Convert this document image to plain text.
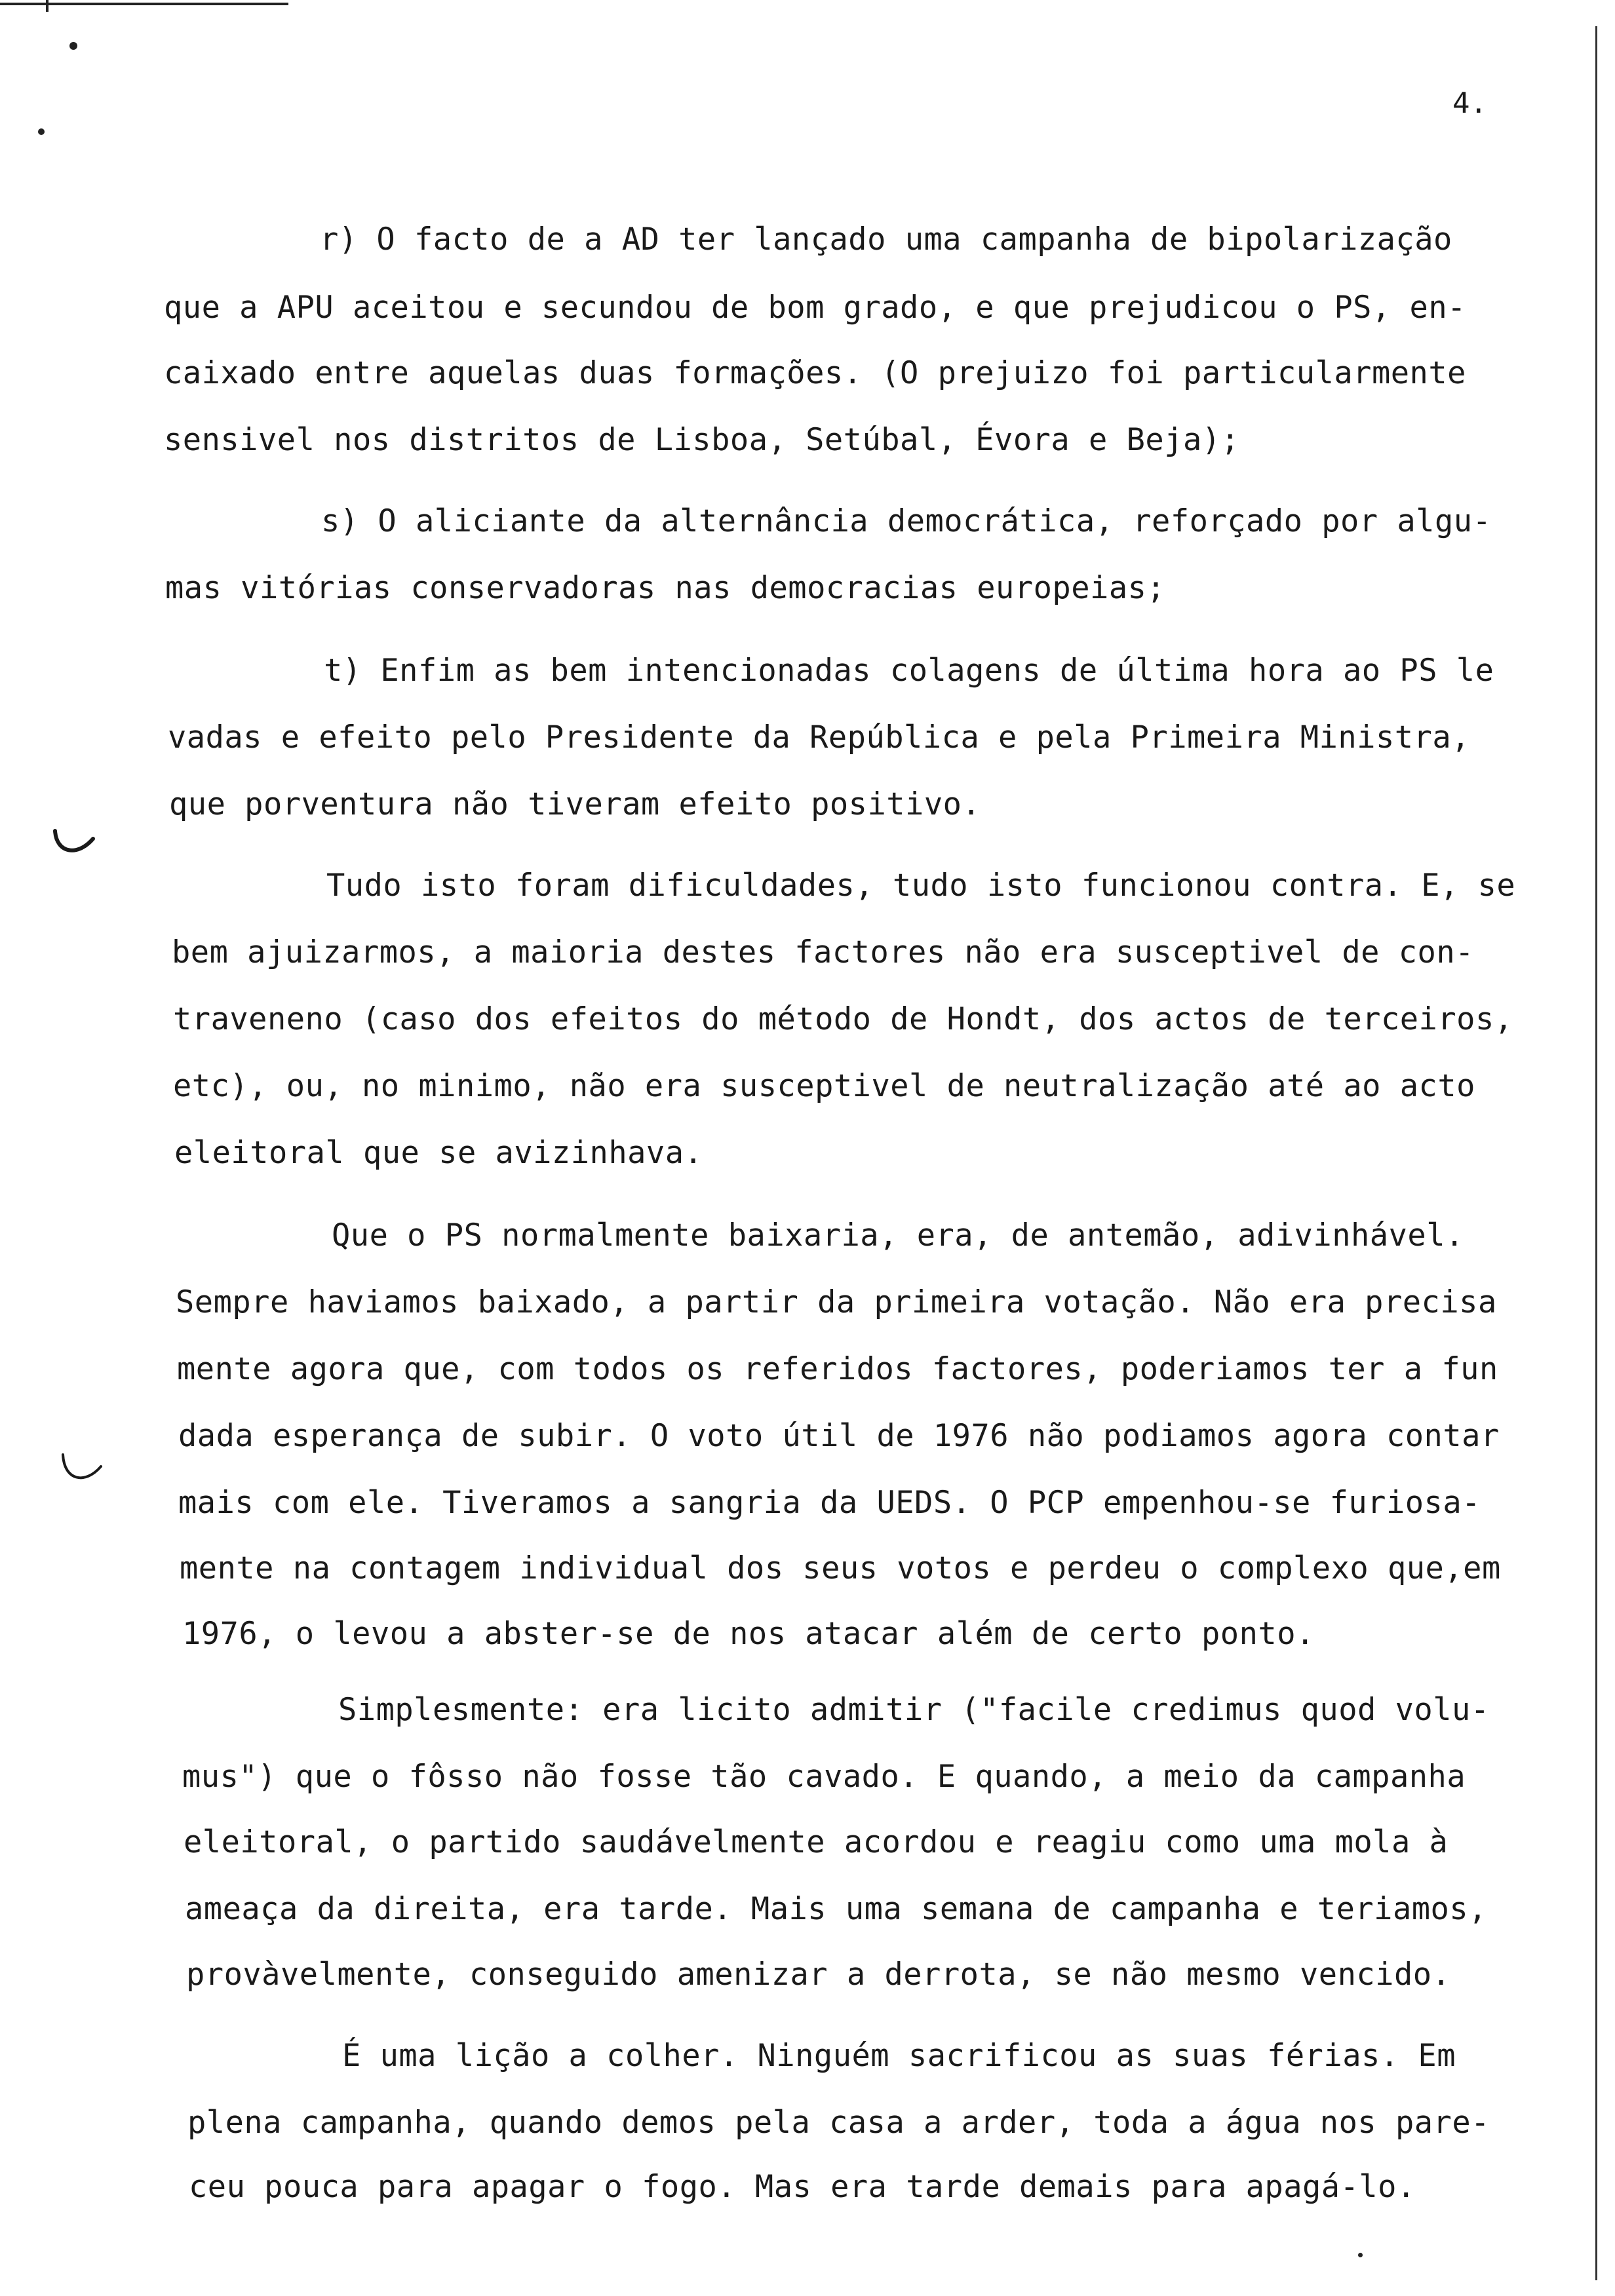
4.
r) O facto de a AD ter lançado uma campanha de bipolarização
que a APU aceitou e secundou de bom grado, e que prejudicou o PS, en-
caixado entre aquelas duas formações. (O prejuizo foi particularmente
sensivel nos distritos de Lisboa, Setúbal, Évora e Beja);
s) O aliciante da alternância democrática, reforçado por algu-
mas vitórias conservadoras nas democracias europeias;
t) Enfim as bem intencionadas colagens de última hora ao PS le
vadas e efeito pelo Presidente da República e pela Primeira Ministra,
que porventura não tiveram efeito positivo.
Tudo isto foram dificuldades, tudo isto funcionou contra. E, se
bem ajuizarmos, a maioria destes factores não era susceptivel de con-
traveneno (caso dos efeitos do método de Hondt, dos actos de terceiros,
etc), ou, no minimo, não era susceptivel de neutralização até ao acto
eleitoral que se avizinhava.
Que o PS normalmente baixaria, era, de antemão, adivinhável.
Sempre haviamos baixado, a partir da primeira votação. Não era precisa
mente agora que, com todos os referidos factores, poderiamos ter a fun
dada esperança de subir. O voto útil de 1976 não podiamos agora contar
mais com ele. Tiveramos a sangria da UEDS. O PCP empenhou-se furiosa-
mente na contagem individual dos seus votos e perdeu o complexo que,em
1976, o levou a abster-se de nos atacar além de certo ponto.
Simplesmente: era licito admitir ("facile credimus quod volu-
mus") que o fôsso não fosse tão cavado. E quando, a meio da campanha
eleitoral, o partido saudávelmente acordou e reagiu como uma mola à
ameaça da direita, era tarde. Mais uma semana de campanha e teriamos,
provàvelmente, conseguido amenizar a derrota, se não mesmo vencido.
É uma lição a colher. Ninguém sacrificou as suas férias. Em
plena campanha, quando demos pela casa a arder, toda a água nos pare-
ceu pouca para apagar o fogo. Mas era tarde demais para apagá-lo.
